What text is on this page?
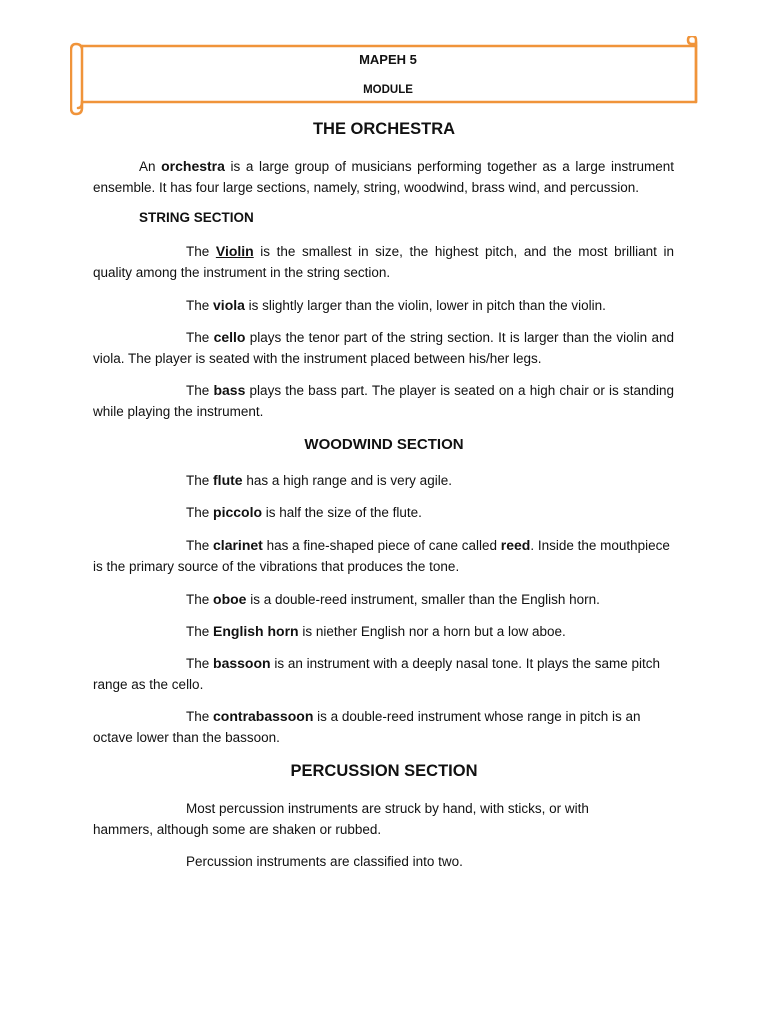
MAPEH 5
MODULE
THE ORCHESTRA
An orchestra is a large group of musicians performing together as a large instrument ensemble. It has four large sections, namely, string, woodwind, brass wind, and percussion.
STRING SECTION
The Violin is the smallest in size, the highest pitch, and the most brilliant in quality among the instrument in the string section.
The viola is slightly larger than the violin, lower in pitch than the violin.
The cello plays the tenor part of the string section. It is larger than the violin and viola. The player is seated with the instrument placed between his/her legs.
The bass plays the bass part. The player is seated on a high chair or is standing while playing the instrument.
WOODWIND SECTION
The flute has a high range and is very agile.
The piccolo is half the size of the flute.
The clarinet has a fine-shaped piece of cane called reed. Inside the mouthpiece is the primary source of the vibrations that produces the tone.
The oboe is a double-reed instrument, smaller than the English horn.
The English horn is niether English nor a horn but a low aboe.
The bassoon is an instrument with a deeply nasal tone. It plays the same pitch range as the cello.
The contrabassoon is a double-reed instrument whose range in pitch is an octave lower than the bassoon.
PERCUSSION SECTION
Most percussion instruments are struck by hand, with sticks, or with hammers, although some are shaken or rubbed.
Percussion instruments are classified into two.
